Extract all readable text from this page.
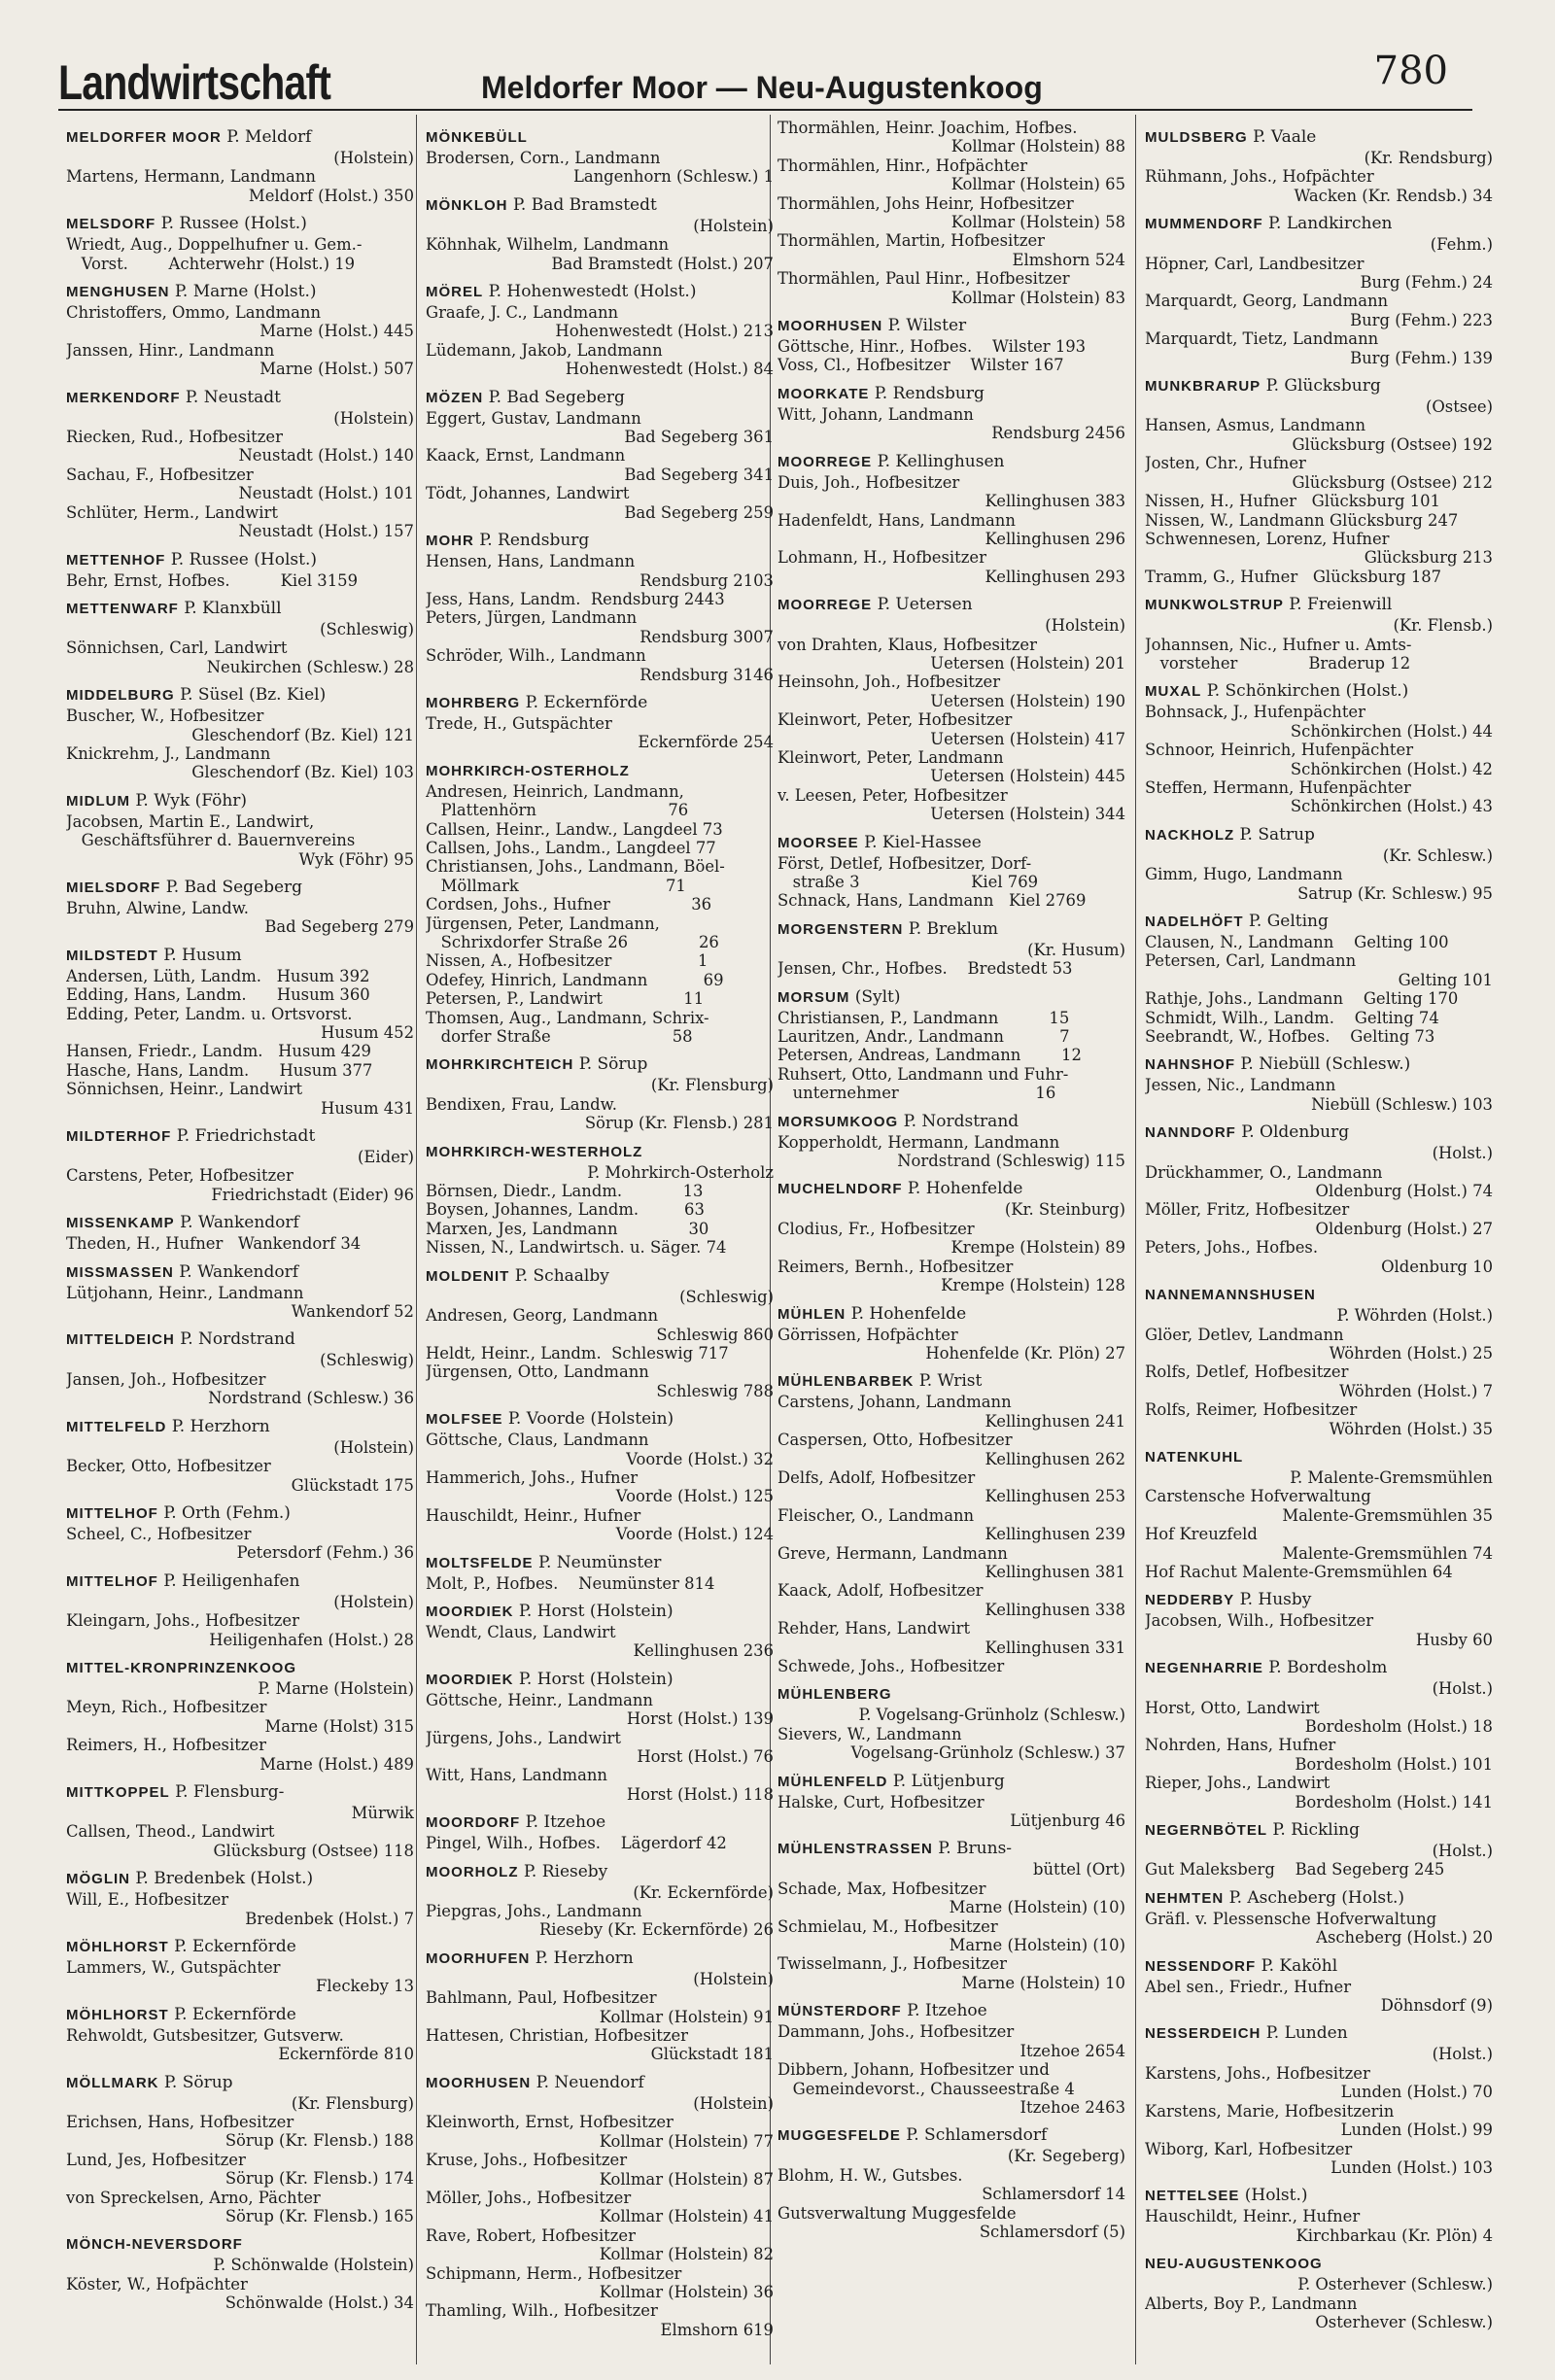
Landwirtschaft	Meldorfer Moor — Neu-Augustenkoog	780
MELDORFER MOOR P. Meldorf
(Holstein)
Martens, Hermann, Landmann
Meldorf (Holst.) 350
MELSDORF P. Russee (Holst.)
Wriedt, Aug., Doppelhufner u. Gem.-
Vorst.        Achterwehr (Holst.) 19
MENGHUSEN P. Marne (Holst.)
Christoffers, Ommo, Landmann
Marne (Holst.) 445
Janssen, Hinr., Landmann
Marne (Holst.) 507
MERKENDORF P. Neustadt
(Holstein)
Riecken, Rud., Hofbesitzer
Neustadt (Holst.) 140
Sachau, F., Hofbesitzer
Neustadt (Holst.) 101
Schlüter, Herm., Landwirt
Neustadt (Holst.) 157
METTENHOF P. Russee (Holst.)
Behr, Ernst, Hofbes.          Kiel 3159
METTENWARF P. Klanxbüll
(Schleswig)
Sönnichsen, Carl, Landwirt
Neukirchen (Schlesw.) 28
MIDDELBURG P. Süsel (Bz. Kiel)
Buscher, W., Hofbesitzer
Gleschendorf (Bz. Kiel) 121
Knickrehm, J., Landmann
Gleschendorf (Bz. Kiel) 103
MIDLUM P. Wyk (Föhr)
Jacobsen, Martin E., Landwirt,
Geschäftsführer d. Bauernvereins
Wyk (Föhr) 95
MIELSDORF P. Bad Segeberg
Bruhn, Alwine, Landw.
Bad Segeberg 279
MILDSTEDT P. Husum
Andersen, Lüth, Landm.   Husum 392
Edding, Hans, Landm.      Husum 360
Edding, Peter, Landm. u. Ortsvorst.
Husum 452
Hansen, Friedr., Landm.   Husum 429
Hasche, Hans, Landm.      Husum 377
Sönnichsen, Heinr., Landwirt
Husum 431
MILDTERHOF P. Friedrichstadt
(Eider)
Carstens, Peter, Hofbesitzer
Friedrichstadt (Eider) 96
MISSENKAMP P. Wankendorf
Theden, H., Hufner   Wankendorf 34
MISSMASSEN P. Wankendorf
Lütjohann, Heinr., Landmann
Wankendorf 52
MITTELDEICH P. Nordstrand
(Schleswig)
Jansen, Joh., Hofbesitzer
Nordstrand (Schlesw.) 36
MITTELFELD P. Herzhorn
(Holstein)
Becker, Otto, Hofbesitzer
Glückstadt 175
MITTELHOF P. Orth (Fehm.)
Scheel, C., Hofbesitzer
Petersdorf (Fehm.) 36
MITTELHOF P. Heiligenhafen
(Holstein)
Kleingarn, Johs., Hofbesitzer
Heiligenhafen (Holst.) 28
MITTEL-KRONPRINZENKOOG
P. Marne (Holstein)
Meyn, Rich., Hofbesitzer
Marne (Holst) 315
Reimers, H., Hofbesitzer
Marne (Holst.) 489
MITTKOPPEL P. Flensburg-
Mürwik
Callsen, Theod., Landwirt
Glücksburg (Ostsee) 118
MÖGLIN P. Bredenbek (Holst.)
Will, E., Hofbesitzer
Bredenbek (Holst.) 7
MÖHLHORST P. Eckernförde
Lammers, W., Gutspächter
Fleckeby 13
MÖHLHORST P. Eckernförde
Rehwoldt, Gutsbesitzer, Gutsverw.
Eckernförde 810
MÖLLMARK P. Sörup
(Kr. Flensburg)
Erichsen, Hans, Hofbesitzer
Sörup (Kr. Flensb.) 188
Lund, Jes, Hofbesitzer
Sörup (Kr. Flensb.) 174
von Spreckelsen, Arno, Pächter
Sörup (Kr. Flensb.) 165
MÖNCH-NEVERSDORF
P. Schönwalde (Holstein)
Köster, W., Hofpächter
Schönwalde (Holst.) 34
MÖNKEBÜLL
Brodersen, Corn., Landmann
Langenhorn (Schlesw.) 1
MÖNKLOH P. Bad Bramstedt
(Holstein)
Köhnhak, Wilhelm, Landmann
Bad Bramstedt (Holst.) 207
MÖREL P. Hohenwestedt (Holst.)
Graafe, J. C., Landmann
Hohenwestedt (Holst.) 213
Lüdemann, Jakob, Landmann
Hohenwestedt (Holst.) 84
MÖZEN P. Bad Segeberg
Eggert, Gustav, Landmann
Bad Segeberg 361
Kaack, Ernst, Landmann
Bad Segeberg 341
Tödt, Johannes, Landwirt
Bad Segeberg 259
MOHR P. Rendsburg
Hensen, Hans, Landmann
Rendsburg 2103
Jess, Hans, Landm.  Rendsburg 2443
Peters, Jürgen, Landmann
Rendsburg 3007
Schröder, Wilh., Landmann
Rendsburg 3146
MOHRBERG P. Eckernförde
Trede, H., Gutspächter
Eckernförde 254
MOHRKIRCH-OSTERHOLZ
Andresen, Heinrich, Landmann,
Plattenhörn                          76
Callsen, Heinr., Landw., Langdeel 73
Callsen, Johs., Landm., Langdeel 77
Christiansen, Johs., Landmann, Böel-
Möllmark                             71
Cordsen, Johs., Hufner                36
Jürgensen, Peter, Landmann,
Schrixdorfer Straße 26              26
Nissen, A., Hofbesitzer                 1
Odefey, Hinrich, Landmann           69
Petersen, P., Landwirt                11
Thomsen, Aug., Landmann, Schrix-
dorfer Straße                        58
MOHRKIRCHTEICH P. Sörup
(Kr. Flensburg)
Bendixen, Frau, Landw.
Sörup (Kr. Flensb.) 281
MOHRKIRCH-WESTERHOLZ
P. Mohrkirch-Osterholz
Börnsen, Diedr., Landm.            13
Boysen, Johannes, Landm.         63
Marxen, Jes, Landmann              30
Nissen, N., Landwirtsch. u. Säger. 74
MOLDENIT P. Schaalby
(Schleswig)
Andresen, Georg, Landmann
Schleswig 860
Heldt, Heinr., Landm.  Schleswig 717
Jürgensen, Otto, Landmann
Schleswig 788
MOLFSEE P. Voorde (Holstein)
Göttsche, Claus, Landmann
Voorde (Holst.) 32
Hammerich, Johs., Hufner
Voorde (Holst.) 125
Hauschildt, Heinr., Hufner
Voorde (Holst.) 124
MOLTSFELDE P. Neumünster
Molt, P., Hofbes.    Neumünster 814
MOORDIEK P. Horst (Holstein)
Wendt, Claus, Landwirt
Kellinghusen 236
MOORDIEK P. Horst (Holstein)
Göttsche, Heinr., Landmann
Horst (Holst.) 139
Jürgens, Johs., Landwirt
Horst (Holst.) 76
Witt, Hans, Landmann
Horst (Holst.) 118
MOORDORF P. Itzehoe
Pingel, Wilh., Hofbes.    Lägerdorf 42
MOORHOLZ P. Rieseby
(Kr. Eckernförde)
Piepgras, Johs., Landmann
Rieseby (Kr. Eckernförde) 26
MOORHUFEN P. Herzhorn
(Holstein)
Bahlmann, Paul, Hofbesitzer
Kollmar (Holstein) 91
Hattesen, Christian, Hofbesitzer
Glückstadt 181
MOORHUSEN P. Neuendorf
(Holstein)
Kleinworth, Ernst, Hofbesitzer
Kollmar (Holstein) 77
Kruse, Johs., Hofbesitzer
Kollmar (Holstein) 87
Möller, Johs., Hofbesitzer
Kollmar (Holstein) 41
Rave, Robert, Hofbesitzer
Kollmar (Holstein) 82
Schipmann, Herm., Hofbesitzer
Kollmar (Holstein) 36
Thamling, Wilh., Hofbesitzer
Elmshorn 619
Thormählen, Heinr. Joachim, Hofbes.
Kollmar (Holstein) 88
Thormählen, Hinr., Hofpächter
Kollmar (Holstein) 65
Thormählen, Johs Heinr, Hofbesitzer
Kollmar (Holstein) 58
Thormählen, Martin, Hofbesitzer
Elmshorn 524
Thormählen, Paul Hinr., Hofbesitzer
Kollmar (Holstein) 83
MOORHUSEN P. Wilster
Göttsche, Hinr., Hofbes.    Wilster 193
Voss, Cl., Hofbesitzer    Wilster 167
MOORKATE P. Rendsburg
Witt, Johann, Landmann
Rendsburg 2456
MOORREGE P. Kellinghusen
Duis, Joh., Hofbesitzer
Kellinghusen 383
Hadenfeldt, Hans, Landmann
Kellinghusen 296
Lohmann, H., Hofbesitzer
Kellinghusen 293
MOORREGE P. Uetersen
(Holstein)
von Drahten, Klaus, Hofbesitzer
Uetersen (Holstein) 201
Heinsohn, Joh., Hofbesitzer
Uetersen (Holstein) 190
Kleinwort, Peter, Hofbesitzer
Uetersen (Holstein) 417
Kleinwort, Peter, Landmann
Uetersen (Holstein) 445
v. Leesen, Peter, Hofbesitzer
Uetersen (Holstein) 344
MOORSEE P. Kiel-Hassee
Först, Detlef, Hofbesitzer, Dorf-
straße 3                      Kiel 769
Schnack, Hans, Landmann   Kiel 2769
MORGENSTERN P. Breklum
(Kr. Husum)
Jensen, Chr., Hofbes.    Bredstedt 53
MORSUM (Sylt)
Christiansen, P., Landmann          15
Lauritzen, Andr., Landmann           7
Petersen, Andreas, Landmann        12
Ruhsert, Otto, Landmann und Fuhr-
unternehmer                           16
MORSUMKOOG P. Nordstrand
Kopperholdt, Hermann, Landmann
Nordstrand (Schleswig) 115
MUCHELNDORF P. Hohenfelde
(Kr. Steinburg)
Clodius, Fr., Hofbesitzer
Krempe (Holstein) 89
Reimers, Bernh., Hofbesitzer
Krempe (Holstein) 128
MÜHLEN P. Hohenfelde
Görrissen, Hofpächter
Hohenfelde (Kr. Plön) 27
MÜHLENBARBEK P. Wrist
Carstens, Johann, Landmann
Kellinghusen 241
Caspersen, Otto, Hofbesitzer
Kellinghusen 262
Delfs, Adolf, Hofbesitzer
Kellinghusen 253
Fleischer, O., Landmann
Kellinghusen 239
Greve, Hermann, Landmann
Kellinghusen 381
Kaack, Adolf, Hofbesitzer
Kellinghusen 338
Rehder, Hans, Landwirt
Kellinghusen 331
Schwede, Johs., Hofbesitzer
MÜHLENBERG
P. Vogelsang-Grünholz (Schlesw.)
Sievers, W., Landmann
Vogelsang-Grünholz (Schlesw.) 37
MÜHLENFELD P. Lütjenburg
Halske, Curt, Hofbesitzer
Lütjenburg 46
MÜHLENSTRASSEN P. Bruns-
büttel (Ort)
Schade, Max, Hofbesitzer
Marne (Holstein) (10)
Schmielau, M., Hofbesitzer
Marne (Holstein) (10)
Twisselmann, J., Hofbesitzer
Marne (Holstein) 10
MÜNSTERDORF P. Itzehoe
Dammann, Johs., Hofbesitzer
Itzehoe 2654
Dibbern, Johann, Hofbesitzer und
Gemeindevorst., Chausseestraße 4
Itzehoe 2463
MUGGESFELDE P. Schlamersdorf
(Kr. Segeberg)
Blohm, H. W., Gutsbes.
Schlamersdorf 14
Gutsverwaltung Muggesfelde
Schlamersdorf (5)
MULDSBERG P. Vaale
(Kr. Rendsburg)
Rühmann, Johs., Hofpächter
Wacken (Kr. Rendsb.) 34
MUMMENDORF P. Landkirchen
(Fehm.)
Höpner, Carl, Landbesitzer
Burg (Fehm.) 24
Marquardt, Georg, Landmann
Burg (Fehm.) 223
Marquardt, Tietz, Landmann
Burg (Fehm.) 139
MUNKBRARUP P. Glücksburg
(Ostsee)
Hansen, Asmus, Landmann
Glücksburg (Ostsee) 192
Josten, Chr., Hufner
Glücksburg (Ostsee) 212
Nissen, H., Hufner   Glücksburg 101
Nissen, W., Landmann Glücksburg 247
Schwennesen, Lorenz, Hufner
Glücksburg 213
Tramm, G., Hufner   Glücksburg 187
MUNKWOLSTRUP P. Freienwill
(Kr. Flensb.)
Johannsen, Nic., Hufner u. Amts-
vorsteher              Braderup 12
MUXAL P. Schönkirchen (Holst.)
Bohnsack, J., Hufenpächter
Schönkirchen (Holst.) 44
Schnoor, Heinrich, Hufenpächter
Schönkirchen (Holst.) 42
Steffen, Hermann, Hufenpächter
Schönkirchen (Holst.) 43
NACKHOLZ P. Satrup
(Kr. Schlesw.)
Gimm, Hugo, Landmann
Satrup (Kr. Schlesw.) 95
NADELHÖFT P. Gelting
Clausen, N., Landmann    Gelting 100
Petersen, Carl, Landmann
Gelting 101
Rathje, Johs., Landmann    Gelting 170
Schmidt, Wilh., Landm.    Gelting 74
Seebrandt, W., Hofbes.    Gelting 73
NAHNSHOF P. Niebüll (Schlesw.)
Jessen, Nic., Landmann
Niebüll (Schlesw.) 103
NANNDORF P. Oldenburg
(Holst.)
Drückhammer, O., Landmann
Oldenburg (Holst.) 74
Möller, Fritz, Hofbesitzer
Oldenburg (Holst.) 27
Peters, Johs., Hofbes.
Oldenburg 10
NANNEMANNSHUSEN
P. Wöhrden (Holst.)
Glöer, Detlev, Landmann
Wöhrden (Holst.) 25
Rolfs, Detlef, Hofbesitzer
Wöhrden (Holst.) 7
Rolfs, Reimer, Hofbesitzer
Wöhrden (Holst.) 35
NATENKUHL
P. Malente-Gremsmühlen
Carstensche Hofverwaltung
Malente-Gremsmühlen 35
Hof Kreuzfeld
Malente-Gremsmühlen 74
Hof Rachut Malente-Gremsmühlen 64
NEDDERBY P. Husby
Jacobsen, Wilh., Hofbesitzer
Husby 60
NEGENHARRIE P. Bordesholm
(Holst.)
Horst, Otto, Landwirt
Bordesholm (Holst.) 18
Nohrden, Hans, Hufner
Bordesholm (Holst.) 101
Rieper, Johs., Landwirt
Bordesholm (Holst.) 141
NEGERNBÖTEL P. Rickling
(Holst.)
Gut Maleksberg    Bad Segeberg 245
NEHMTEN P. Ascheberg (Holst.)
Gräfl. v. Plessensche Hofverwaltung
Ascheberg (Holst.) 20
NESSENDORF P. Kaköhl
Abel sen., Friedr., Hufner
Döhnsdorf (9)
NESSERDEICH P. Lunden
(Holst.)
Karstens, Johs., Hofbesitzer
Lunden (Holst.) 70
Karstens, Marie, Hofbesitzerin
Lunden (Holst.) 99
Wiborg, Karl, Hofbesitzer
Lunden (Holst.) 103
NETTELSEE (Holst.)
Hauschildt, Heinr., Hufner
Kirchbarkau (Kr. Plön) 4
NEU-AUGUSTENKOOG
P. Osterhever (Schlesw.)
Alberts, Boy P., Landmann
Osterhever (Schlesw.)
